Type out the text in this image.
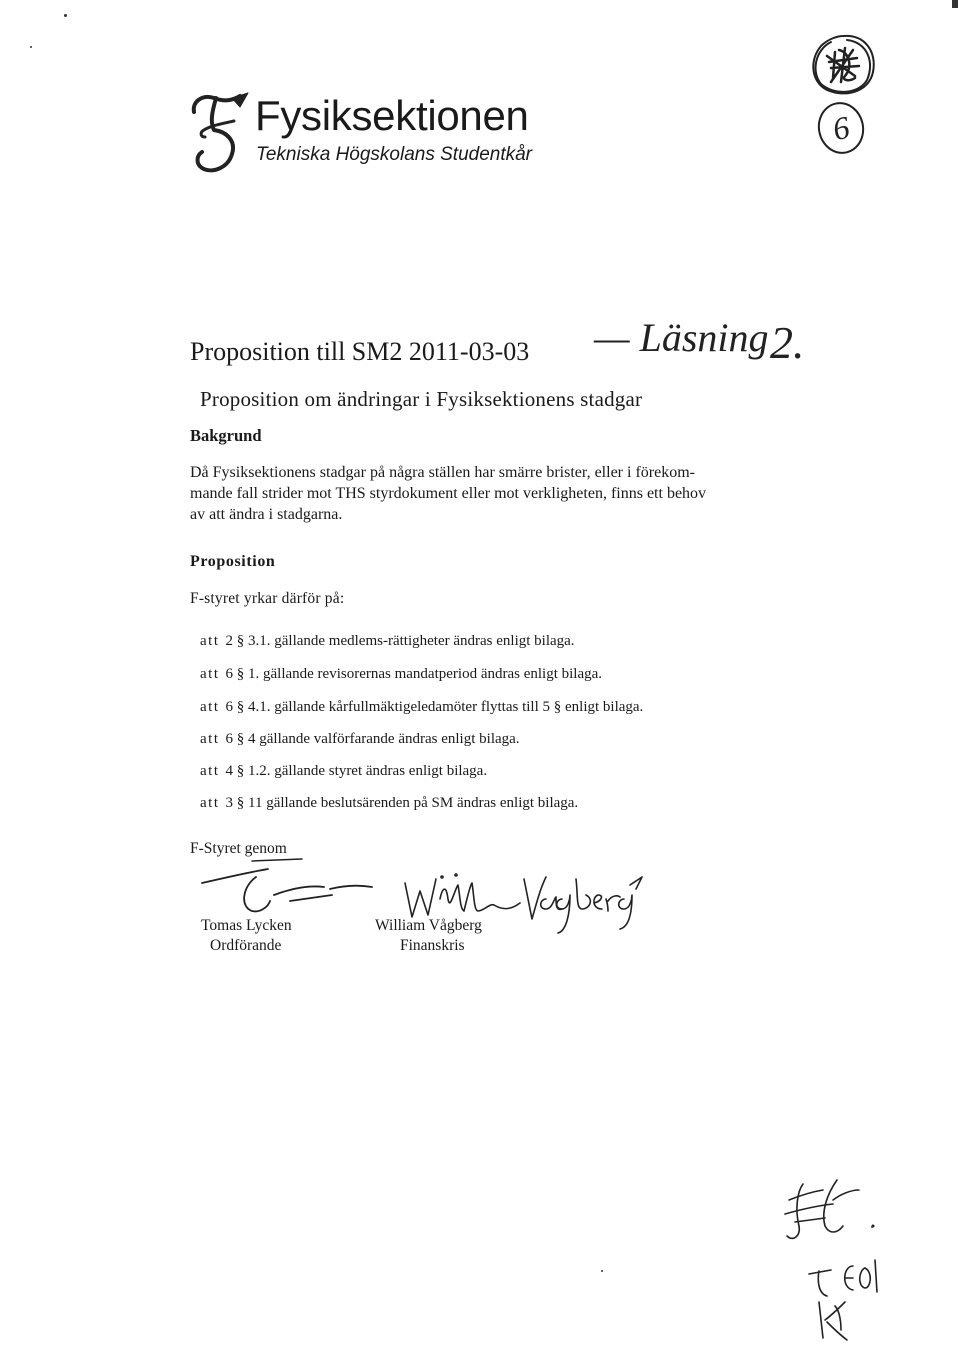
Fysiksektionen
Tekniska Högskolans Studentkår
6
Proposition till SM2 2011-03-03 — Läsning 2.
Proposition om ändringar i Fysiksektionens stadgar
Bakgrund
Då Fysiksektionens stadgar på några ställen har smärre brister, eller i förekom-
mande fall strider mot THS styrdokument eller mot verkligheten, finns ett behov
av att ändra i stadgarna.
Proposition
F-styret yrkar därför på:
att 2 § 3.1. gällande medlems-rättigheter ändras enligt bilaga.
att 6 § 1. gällande revisorernas mandatperiod ändras enligt bilaga.
att 6 § 4.1. gällande kårfullmäktigeledamöter flyttas till 5 § enligt bilaga.
att 6 § 4 gällande valförfarande ändras enligt bilaga.
att 4 § 1.2. gällande styret ändras enligt bilaga.
att 3 § 11 gällande beslutsärenden på SM ändras enligt bilaga.
F-Styret genom
Tomas Lycken
Ordförande
William Vågberg
Finanskris
